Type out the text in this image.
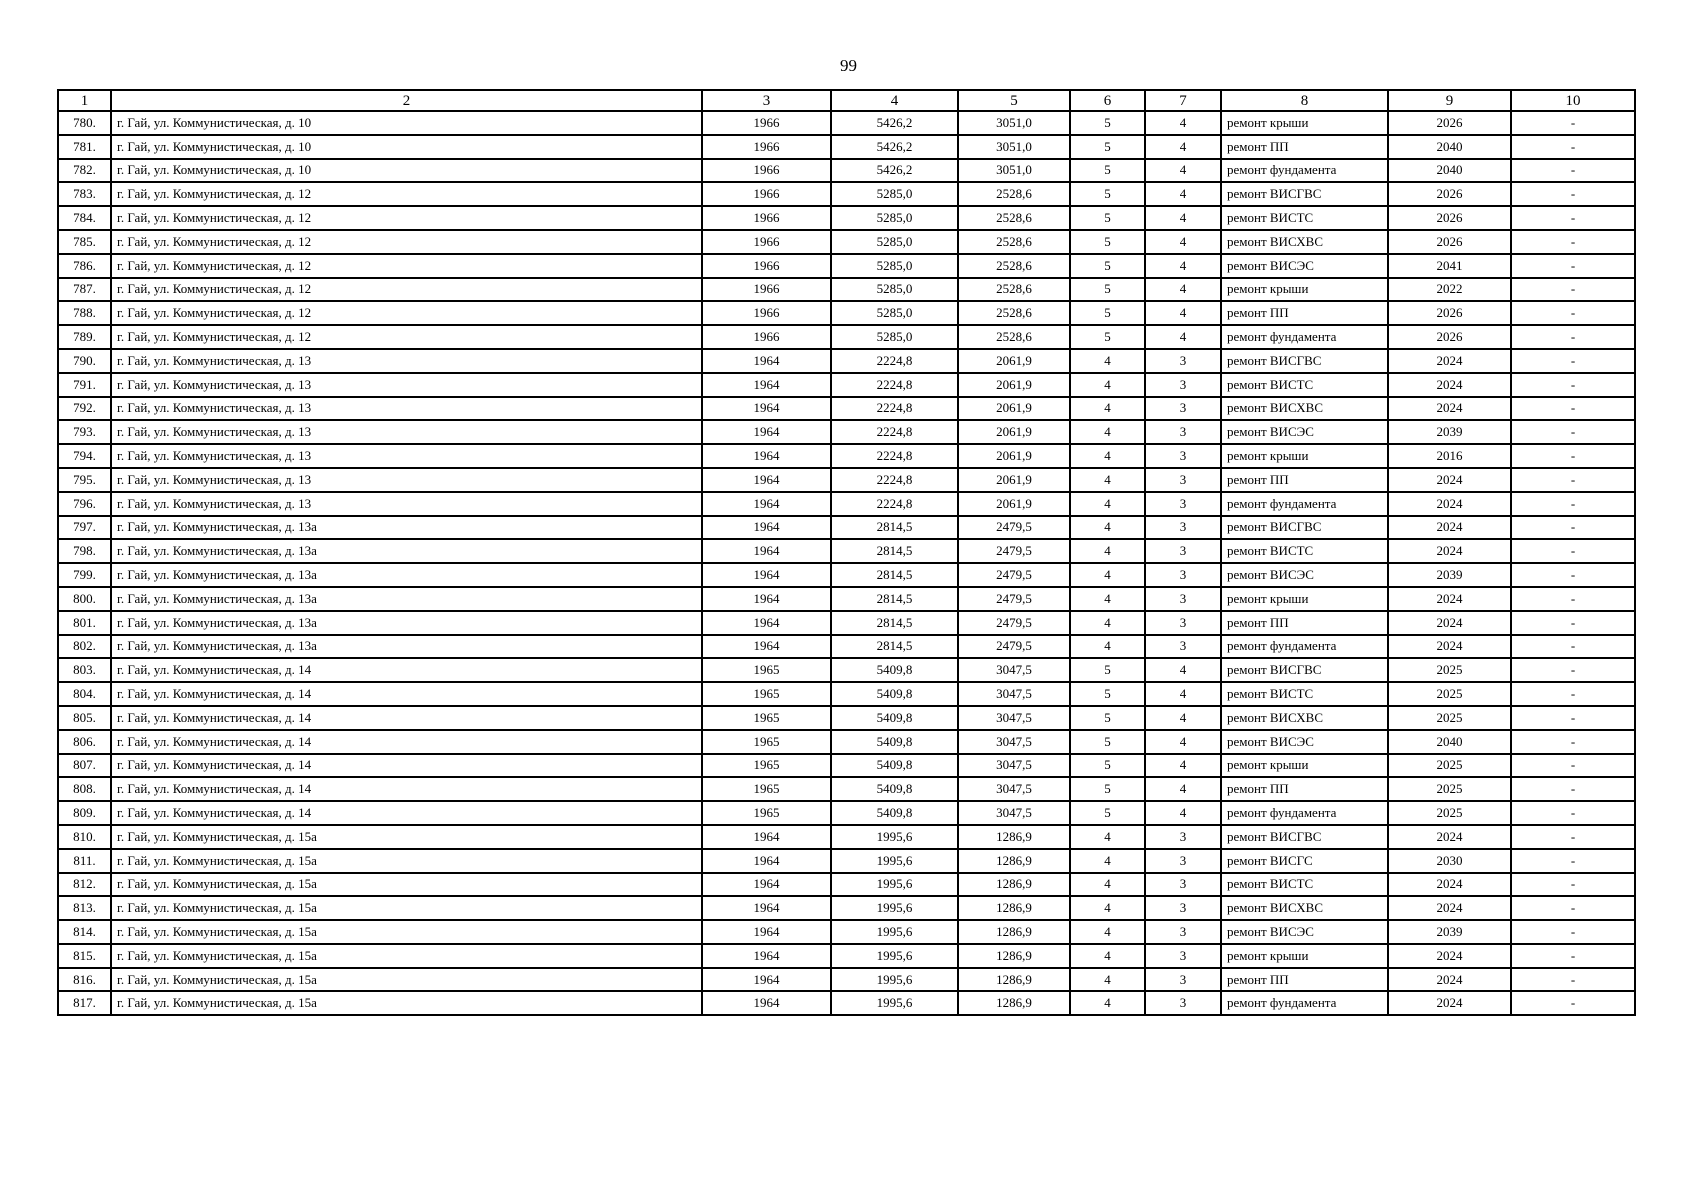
99
1	2	3	4	5	6	7	8	9	10
780.	г. Гай, ул. Коммунистическая, д. 10	1966	5426,2	3051,0	5	4	ремонт крыши	2026	-
781.	г. Гай, ул. Коммунистическая, д. 10	1966	5426,2	3051,0	5	4	ремонт ПП	2040	-
782.	г. Гай, ул. Коммунистическая, д. 10	1966	5426,2	3051,0	5	4	ремонт фундамента	2040	-
783.	г. Гай, ул. Коммунистическая, д. 12	1966	5285,0	2528,6	5	4	ремонт ВИСГВС	2026	-
784.	г. Гай, ул. Коммунистическая, д. 12	1966	5285,0	2528,6	5	4	ремонт ВИСТС	2026	-
785.	г. Гай, ул. Коммунистическая, д. 12	1966	5285,0	2528,6	5	4	ремонт ВИСХВС	2026	-
786.	г. Гай, ул. Коммунистическая, д. 12	1966	5285,0	2528,6	5	4	ремонт ВИСЭС	2041	-
787.	г. Гай, ул. Коммунистическая, д. 12	1966	5285,0	2528,6	5	4	ремонт крыши	2022	-
788.	г. Гай, ул. Коммунистическая, д. 12	1966	5285,0	2528,6	5	4	ремонт ПП	2026	-
789.	г. Гай, ул. Коммунистическая, д. 12	1966	5285,0	2528,6	5	4	ремонт фундамента	2026	-
790.	г. Гай, ул. Коммунистическая, д. 13	1964	2224,8	2061,9	4	3	ремонт ВИСГВС	2024	-
791.	г. Гай, ул. Коммунистическая, д. 13	1964	2224,8	2061,9	4	3	ремонт ВИСТС	2024	-
792.	г. Гай, ул. Коммунистическая, д. 13	1964	2224,8	2061,9	4	3	ремонт ВИСХВС	2024	-
793.	г. Гай, ул. Коммунистическая, д. 13	1964	2224,8	2061,9	4	3	ремонт ВИСЭС	2039	-
794.	г. Гай, ул. Коммунистическая, д. 13	1964	2224,8	2061,9	4	3	ремонт крыши	2016	-
795.	г. Гай, ул. Коммунистическая, д. 13	1964	2224,8	2061,9	4	3	ремонт ПП	2024	-
796.	г. Гай, ул. Коммунистическая, д. 13	1964	2224,8	2061,9	4	3	ремонт фундамента	2024	-
797.	г. Гай, ул. Коммунистическая, д. 13а	1964	2814,5	2479,5	4	3	ремонт ВИСГВС	2024	-
798.	г. Гай, ул. Коммунистическая, д. 13а	1964	2814,5	2479,5	4	3	ремонт ВИСТС	2024	-
799.	г. Гай, ул. Коммунистическая, д. 13а	1964	2814,5	2479,5	4	3	ремонт ВИСЭС	2039	-
800.	г. Гай, ул. Коммунистическая, д. 13а	1964	2814,5	2479,5	4	3	ремонт крыши	2024	-
801.	г. Гай, ул. Коммунистическая, д. 13а	1964	2814,5	2479,5	4	3	ремонт ПП	2024	-
802.	г. Гай, ул. Коммунистическая, д. 13а	1964	2814,5	2479,5	4	3	ремонт фундамента	2024	-
803.	г. Гай, ул. Коммунистическая, д. 14	1965	5409,8	3047,5	5	4	ремонт ВИСГВС	2025	-
804.	г. Гай, ул. Коммунистическая, д. 14	1965	5409,8	3047,5	5	4	ремонт ВИСТС	2025	-
805.	г. Гай, ул. Коммунистическая, д. 14	1965	5409,8	3047,5	5	4	ремонт ВИСХВС	2025	-
806.	г. Гай, ул. Коммунистическая, д. 14	1965	5409,8	3047,5	5	4	ремонт ВИСЭС	2040	-
807.	г. Гай, ул. Коммунистическая, д. 14	1965	5409,8	3047,5	5	4	ремонт крыши	2025	-
808.	г. Гай, ул. Коммунистическая, д. 14	1965	5409,8	3047,5	5	4	ремонт ПП	2025	-
809.	г. Гай, ул. Коммунистическая, д. 14	1965	5409,8	3047,5	5	4	ремонт фундамента	2025	-
810.	г. Гай, ул. Коммунистическая, д. 15а	1964	1995,6	1286,9	4	3	ремонт ВИСГВС	2024	-
811.	г. Гай, ул. Коммунистическая, д. 15а	1964	1995,6	1286,9	4	3	ремонт ВИСГС	2030	-
812.	г. Гай, ул. Коммунистическая, д. 15а	1964	1995,6	1286,9	4	3	ремонт ВИСТС	2024	-
813.	г. Гай, ул. Коммунистическая, д. 15а	1964	1995,6	1286,9	4	3	ремонт ВИСХВС	2024	-
814.	г. Гай, ул. Коммунистическая, д. 15а	1964	1995,6	1286,9	4	3	ремонт ВИСЭС	2039	-
815.	г. Гай, ул. Коммунистическая, д. 15а	1964	1995,6	1286,9	4	3	ремонт крыши	2024	-
816.	г. Гай, ул. Коммунистическая, д. 15а	1964	1995,6	1286,9	4	3	ремонт ПП	2024	-
817.	г. Гай, ул. Коммунистическая, д. 15а	1964	1995,6	1286,9	4	3	ремонт фундамента	2024	-
